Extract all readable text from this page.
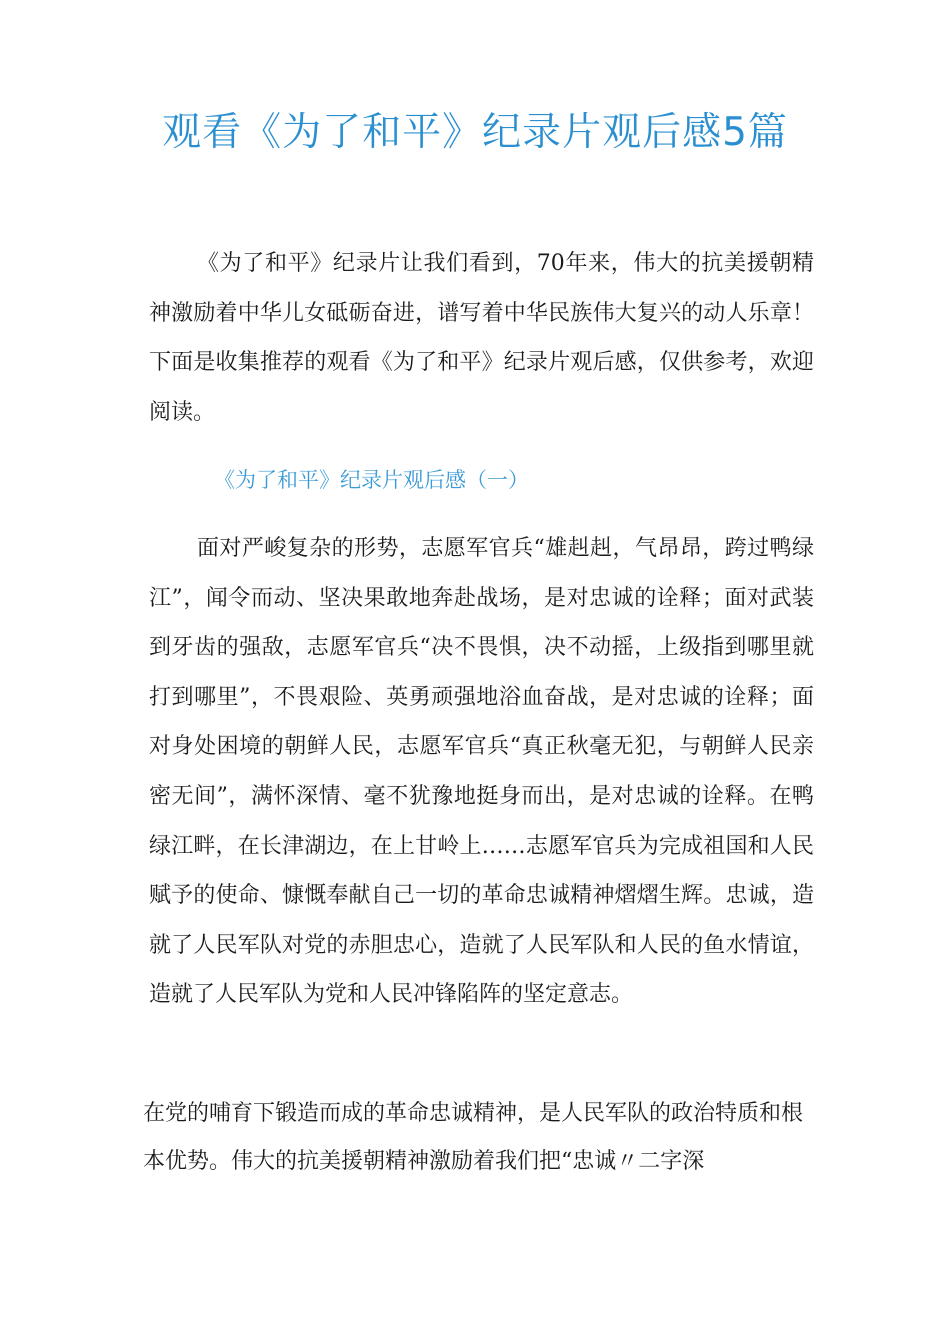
观看《为了和平》纪录片观后感5篇

《为了和平》纪录片让我们看到，70年来，伟大的抗美援朝精神激励着中华儿女砥砺奋进，谱写着中华民族伟大复兴的动人乐章！下面是收集推荐的观看《为了和平》纪录片观后感，仅供参考，欢迎阅读。

《为了和平》纪录片观后感（一）

面对严峻复杂的形势，志愿军官兵“雄赳赳，气昂昂，跨过鸭绿江”，闻令而动、坚决果敢地奔赴战场，是对忠诚的诠释；面对武装到牙齿的强敌，志愿军官兵“决不畏惧，决不动摇，上级指到哪里就打到哪里”，不畏艰险、英勇顽强地浴血奋战，是对忠诚的诠释；面对身处困境的朝鲜人民，志愿军官兵“真正秋毫无犯，与朝鲜人民亲密无间”，满怀深情、毫不犹豫地挺身而出，是对忠诚的诠释。在鸭绿江畔，在长津湖边，在上甘岭上……志愿军官兵为完成祖国和人民赋予的使命、慷慨奉献自己一切的革命忠诚精神熠熠生辉。忠诚，造就了人民军队对党的赤胆忠心，造就了人民军队和人民的鱼水情谊，造就了人民军队为党和人民冲锋陷阵的坚定意志。

在党的哺育下锻造而成的革命忠诚精神，是人民军队的政治特质和根本优势。伟大的抗美援朝精神激励着我们把“忠诚〃二字深
